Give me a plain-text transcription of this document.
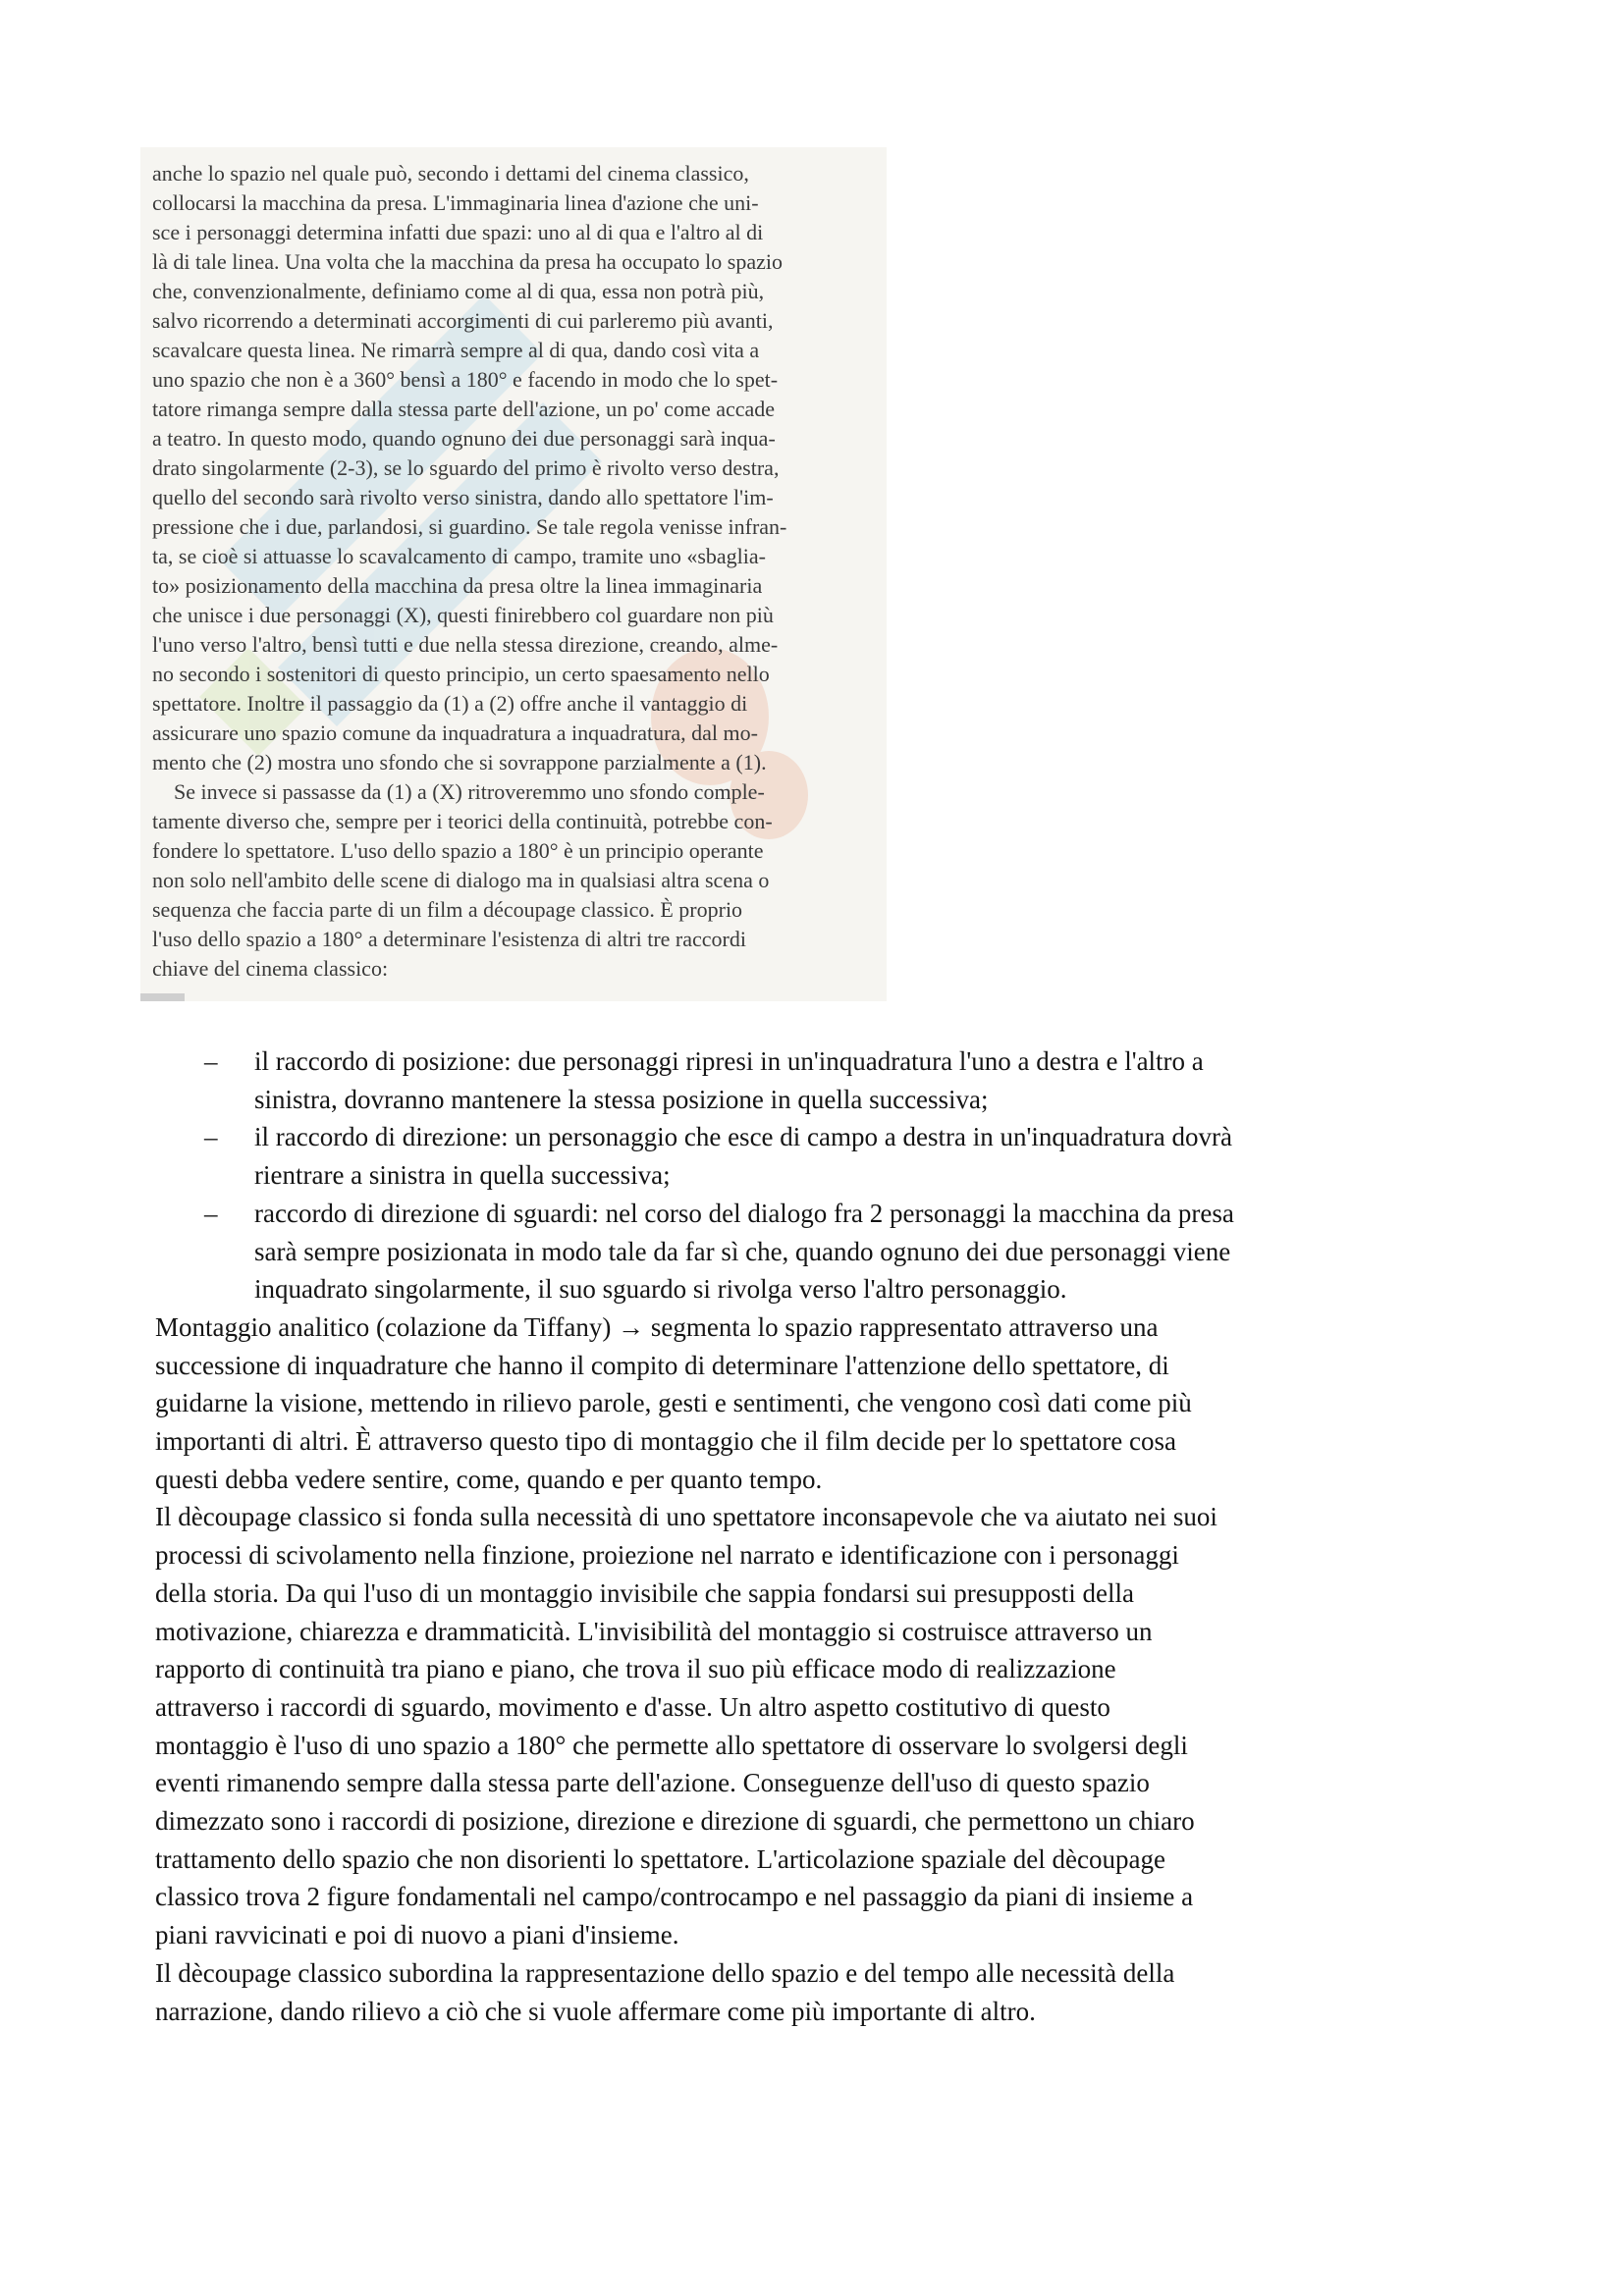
anche lo spazio nel quale può, secondo i dettami del cinema classico,
collocarsi la macchina da presa. L'immaginaria linea d'azione che uni-
sce i personaggi determina infatti due spazi: uno al di qua e l'altro al di
là di tale linea. Una volta che la macchina da presa ha occupato lo spazio
che, convenzionalmente, definiamo come al di qua, essa non potrà più,
salvo ricorrendo a determinati accorgimenti di cui parleremo più avanti,
scavalcare questa linea. Ne rimarrà sempre al di qua, dando così vita a
uno spazio che non è a 360° bensì a 180° e facendo in modo che lo spet-
tatore rimanga sempre dalla stessa parte dell'azione, un po' come accade
a teatro. In questo modo, quando ognuno dei due personaggi sarà inqua-
drato singolarmente (2-3), se lo sguardo del primo è rivolto verso destra,
quello del secondo sarà rivolto verso sinistra, dando allo spettatore l'im-
pressione che i due, parlandosi, si guardino. Se tale regola venisse infran-
ta, se cioè si attuasse lo scavalcamento di campo, tramite uno «sbaglia-
to» posizionamento della macchina da presa oltre la linea immaginaria
che unisce i due personaggi (X), questi finirebbero col guardare non più
l'uno verso l'altro, bensì tutti e due nella stessa direzione, creando, alme-
no secondo i sostenitori di questo principio, un certo spaesamento nello
spettatore. Inoltre il passaggio da (1) a (2) offre anche il vantaggio di
assicurare uno spazio comune da inquadratura a inquadratura, dal mo-
mento che (2) mostra uno sfondo che si sovrappone parzialmente a (1).
Se invece si passasse da (1) a (X) ritroveremmo uno sfondo comple-
tamente diverso che, sempre per i teorici della continuità, potrebbe con-
fondere lo spettatore. L'uso dello spazio a 180° è un principio operante
non solo nell'ambito delle scene di dialogo ma in qualsiasi altra scena o
sequenza che faccia parte di un film a découpage classico. È proprio
l'uso dello spazio a 180° a determinare l'esistenza di altri tre raccordi
chiave del cinema classico:
–	il raccordo di posizione: due personaggi ripresi in un'inquadratura l'uno a destra e l'altro a
sinistra, dovranno mantenere la stessa posizione in quella successiva;
–	il raccordo di direzione: un personaggio che esce di campo a destra in un'inquadratura dovrà
rientrare a sinistra in quella successiva;
–	raccordo di direzione di sguardi: nel corso del dialogo fra 2 personaggi la macchina da presa
sarà sempre posizionata in modo tale da far sì che, quando ognuno dei due personaggi viene
inquadrato singolarmente, il suo sguardo si rivolga verso l'altro personaggio.
Montaggio analitico (colazione da Tiffany) → segmenta lo spazio rappresentato attraverso una
successione di inquadrature che hanno il compito di determinare l'attenzione dello spettatore, di
guidarne la visione, mettendo in rilievo parole, gesti e sentimenti, che vengono così dati come più
importanti di altri. È attraverso questo tipo di montaggio che il film decide per lo spettatore cosa
questi debba vedere sentire, come, quando e per quanto tempo.
Il dècoupage classico si fonda sulla necessità di uno spettatore inconsapevole che va aiutato nei suoi
processi di scivolamento nella finzione, proiezione nel narrato e identificazione con i personaggi
della storia. Da qui l'uso di un montaggio invisibile che sappia fondarsi sui presupposti della
motivazione, chiarezza e drammaticità. L'invisibilità del montaggio si costruisce attraverso un
rapporto di continuità tra piano e piano, che trova il suo più efficace modo di realizzazione
attraverso i raccordi di sguardo, movimento e d'asse. Un altro aspetto costitutivo di questo
montaggio è l'uso di uno spazio a 180° che permette allo spettatore di osservare lo svolgersi degli
eventi rimanendo sempre dalla stessa parte dell'azione. Conseguenze dell'uso di questo spazio
dimezzato sono i raccordi di posizione, direzione e direzione di sguardi, che permettono un chiaro
trattamento dello spazio che non disorienti lo spettatore. L'articolazione spaziale del dècoupage
classico trova 2 figure fondamentali nel campo/controcampo e nel passaggio da piani di insieme a
piani ravvicinati e poi di nuovo a piani d'insieme.
Il dècoupage classico subordina la rappresentazione dello spazio e del tempo alle necessità della
narrazione, dando rilievo a ciò che si vuole affermare come più importante di altro.
